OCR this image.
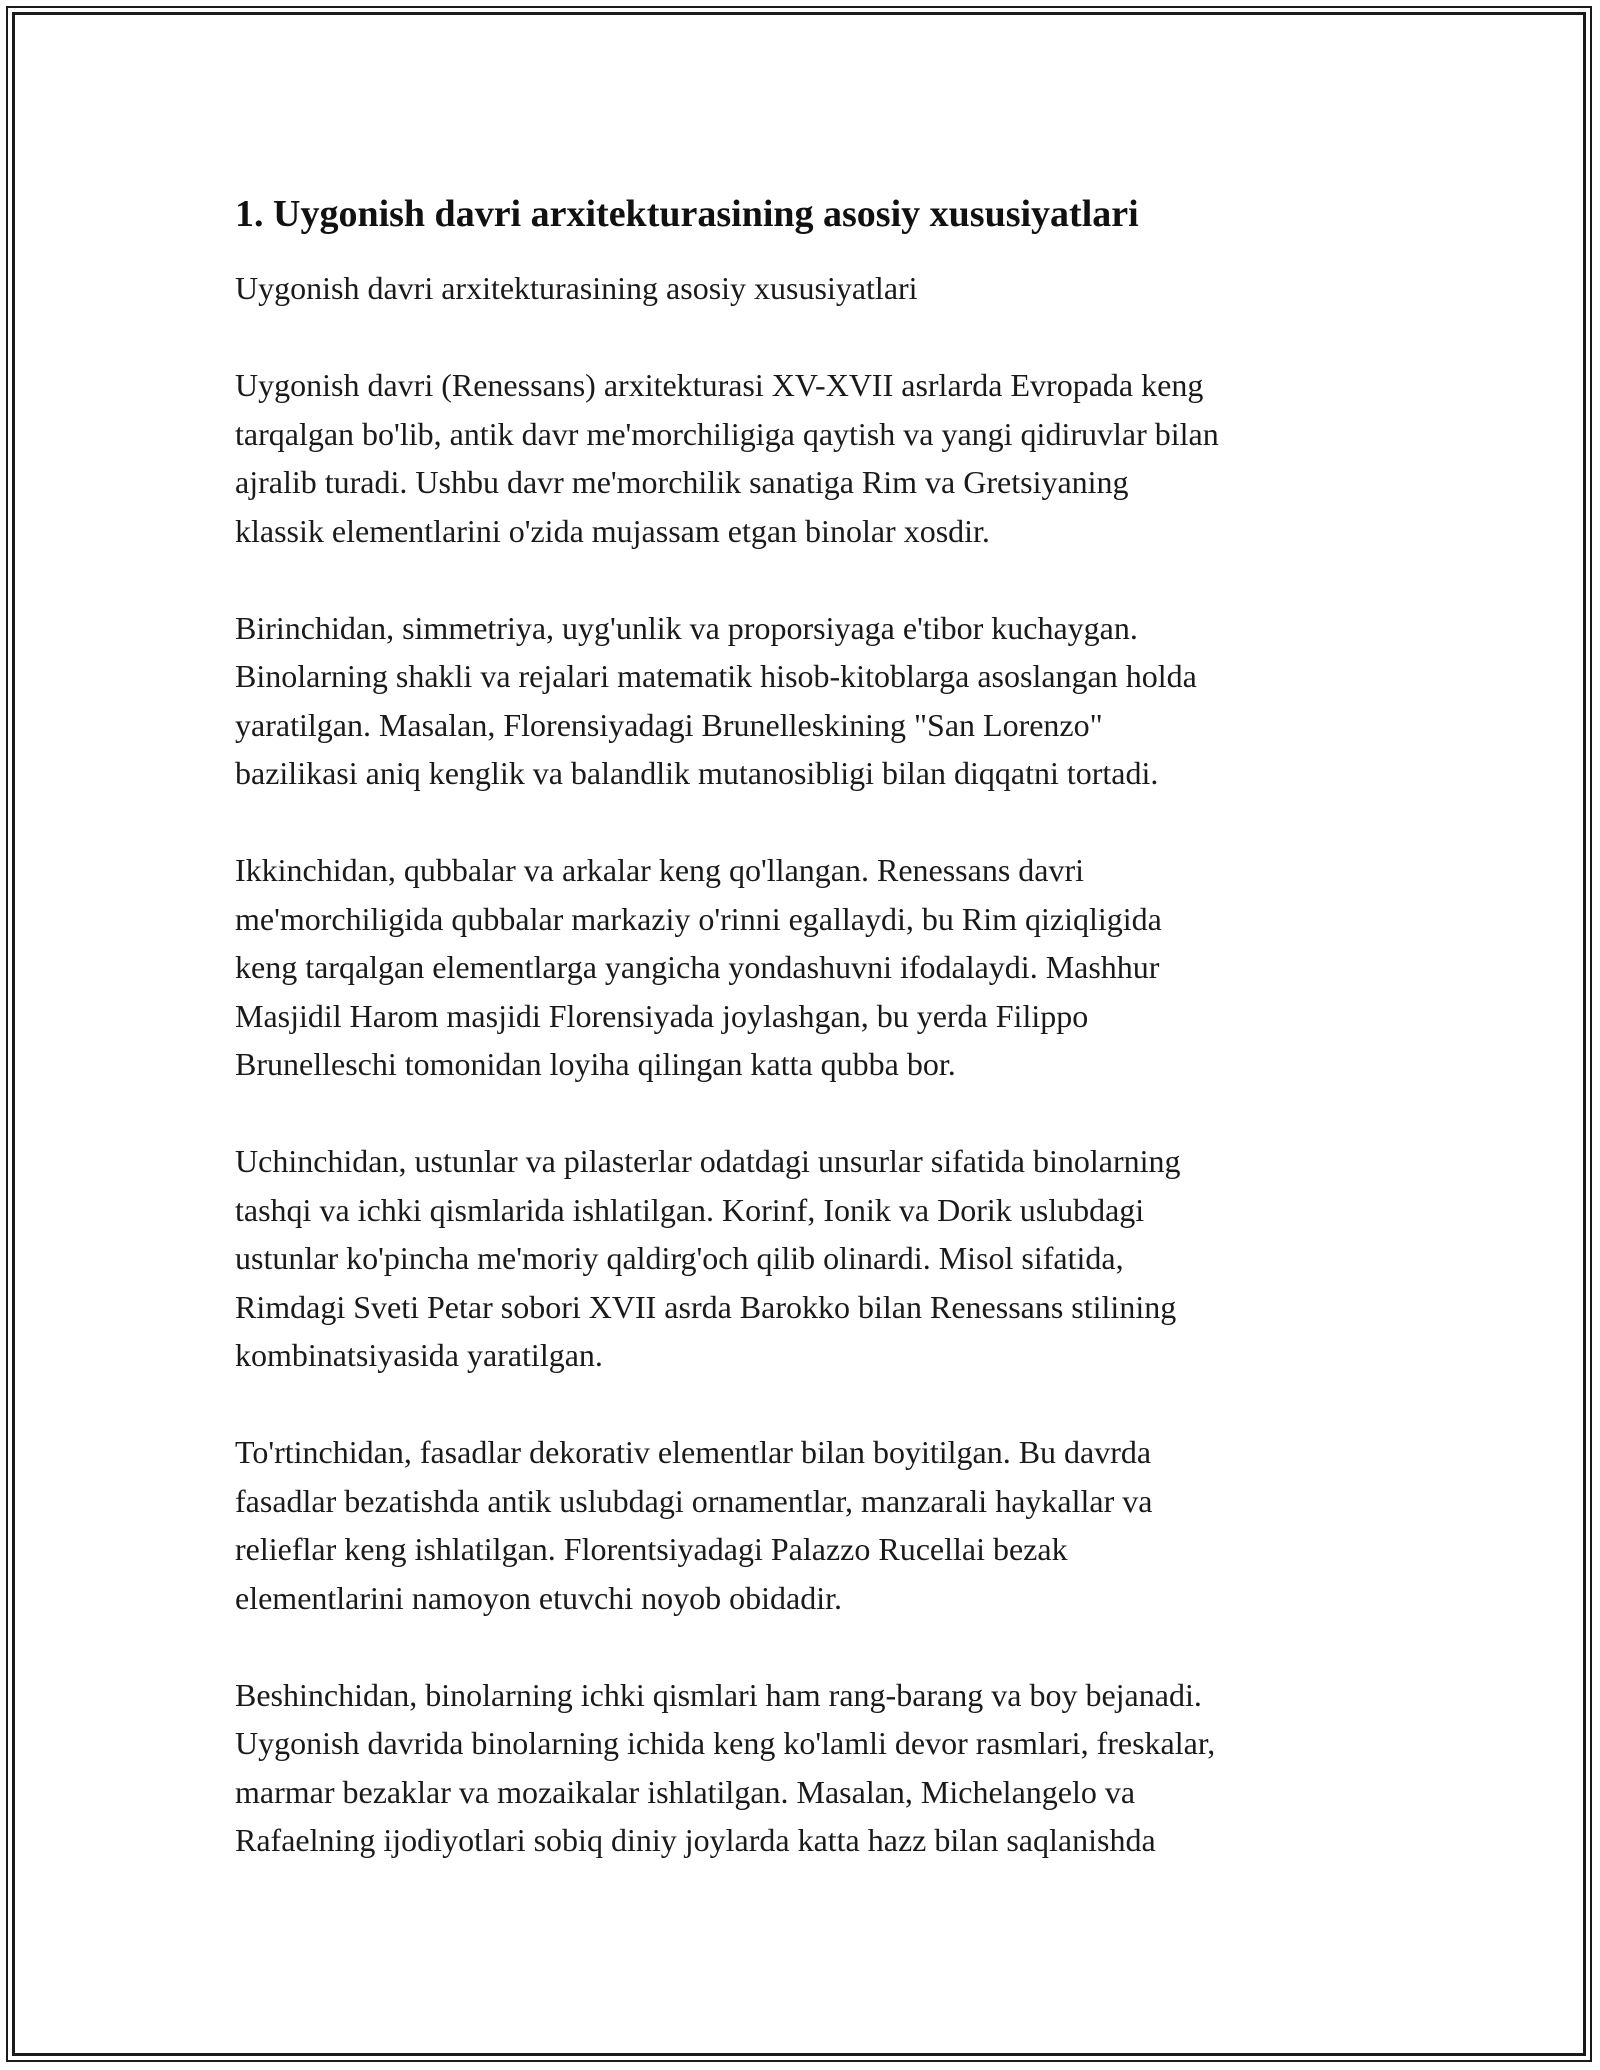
1. Uygonish davri arxitekturasining asosiy xususiyatlari
Uygonish davri arxitekturasining asosiy xususiyatlari
Uygonish davri (Renessans) arxitekturasi XV-XVII asrlarda Evropada keng
tarqalgan bo'lib, antik davr me'morchiligiga qaytish va yangi qidiruvlar bilan
ajralib turadi. Ushbu davr me'morchilik sanatiga Rim va Gretsiyaning
klassik elementlarini o'zida mujassam etgan binolar xosdir.
Birinchidan, simmetriya, uyg'unlik va proporsiyaga e'tibor kuchaygan.
Binolarning shakli va rejalari matematik hisob-kitoblarga asoslangan holda
yaratilgan. Masalan, Florensiyadagi Brunelleskining "San Lorenzo"
bazilikasi aniq kenglik va balandlik mutanosibligi bilan diqqatni tortadi.
Ikkinchidan, qubbalar va arkalar keng qo'llangan. Renessans davri
me'morchiligida qubbalar markaziy o'rinni egallaydi, bu Rim qiziqligida
keng tarqalgan elementlarga yangicha yondashuvni ifodalaydi. Mashhur
Masjidil Harom masjidi Florensiyada joylashgan, bu yerda Filippo
Brunelleschi tomonidan loyiha qilingan katta qubba bor.
Uchinchidan, ustunlar va pilasterlar odatdagi unsurlar sifatida binolarning
tashqi va ichki qismlarida ishlatilgan. Korinf, Ionik va Dorik uslubdagi
ustunlar ko'pincha me'moriy qaldirg'och qilib olinardi. Misol sifatida,
Rimdagi Sveti Petar sobori XVII asrda Barokko bilan Renessans stilining
kombinatsiyasida yaratilgan.
To'rtinchidan, fasadlar dekorativ elementlar bilan boyitilgan. Bu davrda
fasadlar bezatishda antik uslubdagi ornamentlar, manzarali haykallar va
relieflar keng ishlatilgan. Florentsiyadagi Palazzo Rucellai bezak
elementlarini namoyon etuvchi noyob obidadir.
Beshinchidan, binolarning ichki qismlari ham rang-barang va boy bejanadi.
Uygonish davrida binolarning ichida keng ko'lamli devor rasmlari, freskalar,
marmar bezaklar va mozaikalar ishlatilgan. Masalan, Michelangelo va
Rafaelning ijodiyotlari sobiq diniy joylarda katta hazz bilan saqlanishda
